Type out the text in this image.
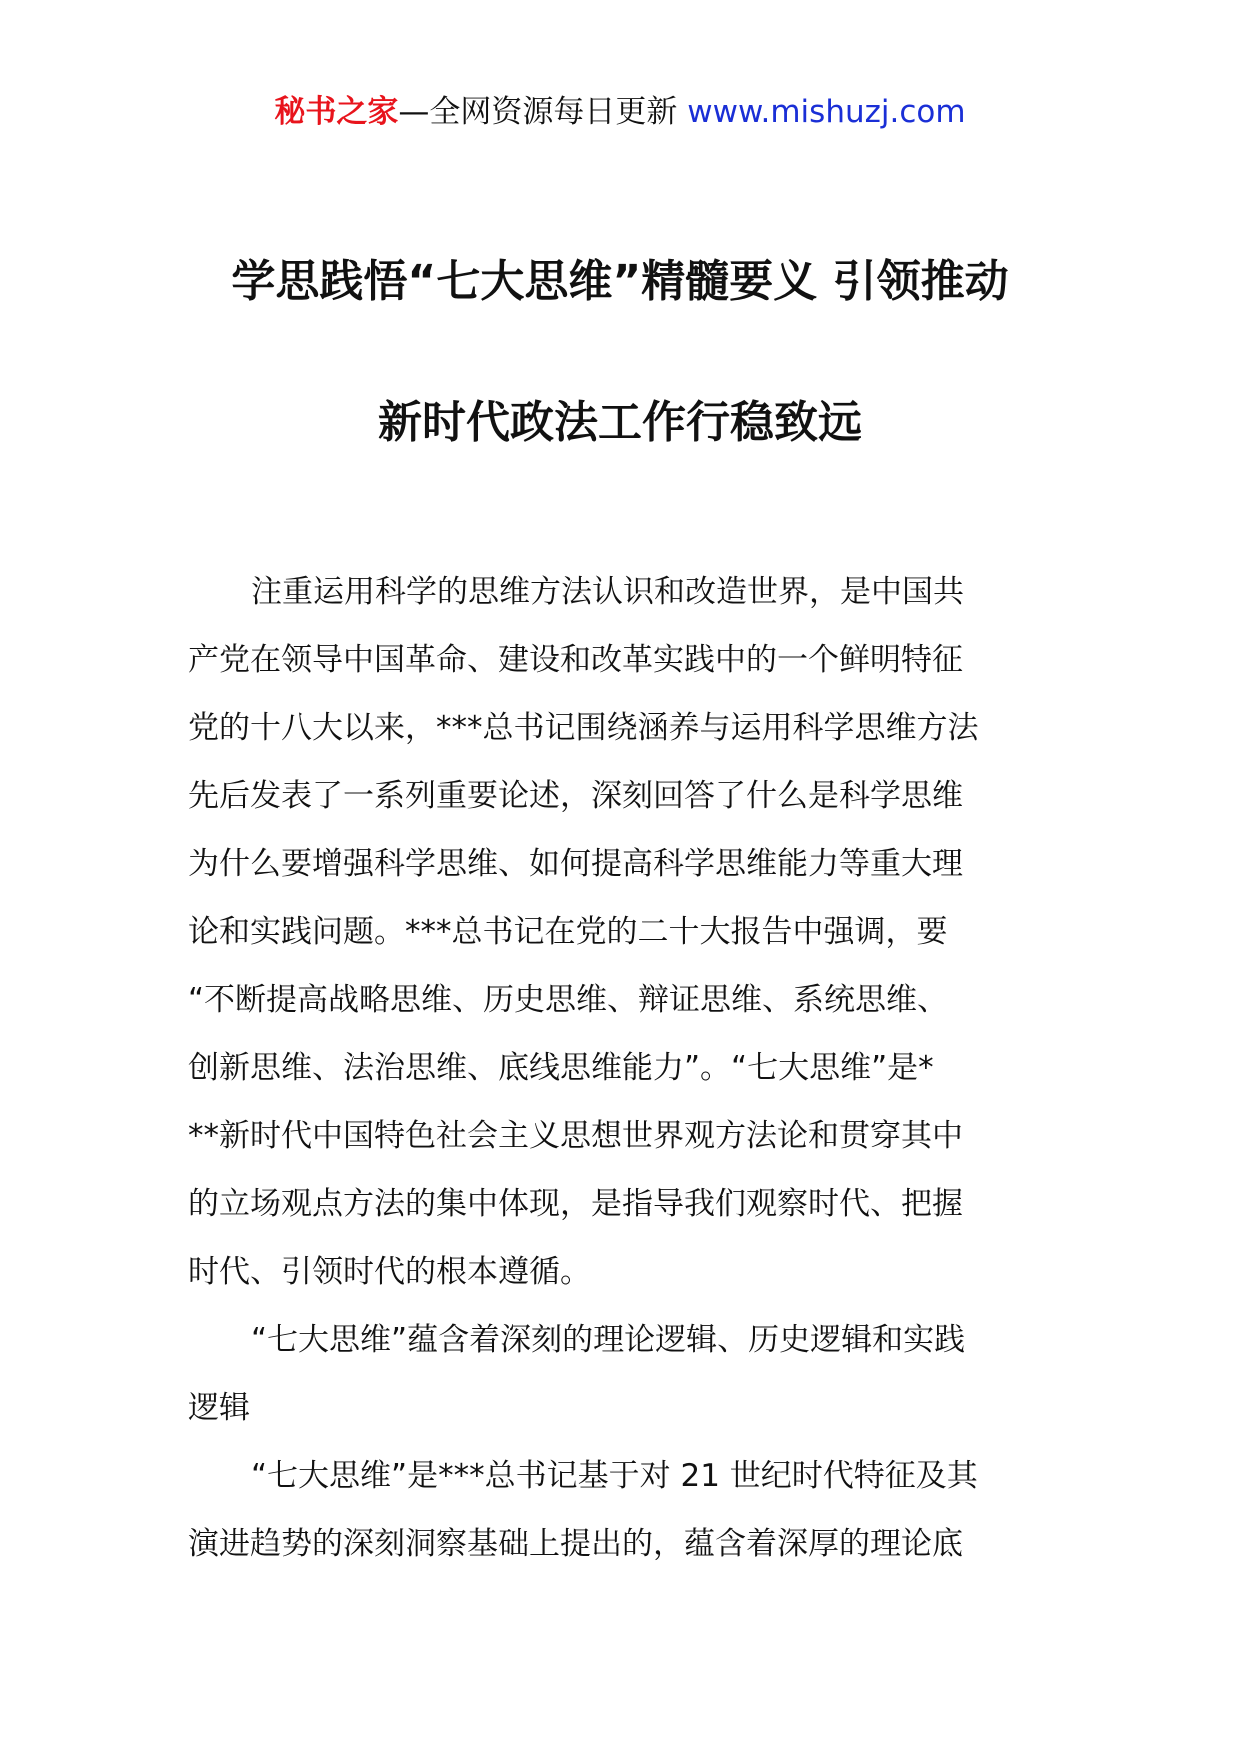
秘书之家—全网资源每日更新 www.mishuzj.com
学思践悟“七大思维”精髓要义 引领推动
新时代政法工作行稳致远
注重运用科学的思维方法认识和改造世界，是中国共
产党在领导中国革命、建设和改革实践中的一个鲜明特征
党的十八大以来，***总书记围绕涵养与运用科学思维方法
先后发表了一系列重要论述，深刻回答了什么是科学思维
为什么要增强科学思维、如何提高科学思维能力等重大理
论和实践问题。***总书记在党的二十大报告中强调，要
“不断提高战略思维、历史思维、辩证思维、系统思维、
创新思维、法治思维、底线思维能力”。“七大思维”是*
**新时代中国特色社会主义思想世界观方法论和贯穿其中
的立场观点方法的集中体现，是指导我们观察时代、把握
时代、引领时代的根本遵循。
“七大思维”蕴含着深刻的理论逻辑、历史逻辑和实践
逻辑
“七大思维”是***总书记基于对 21 世纪时代特征及其
演进趋势的深刻洞察基础上提出的，蕴含着深厚的理论底
